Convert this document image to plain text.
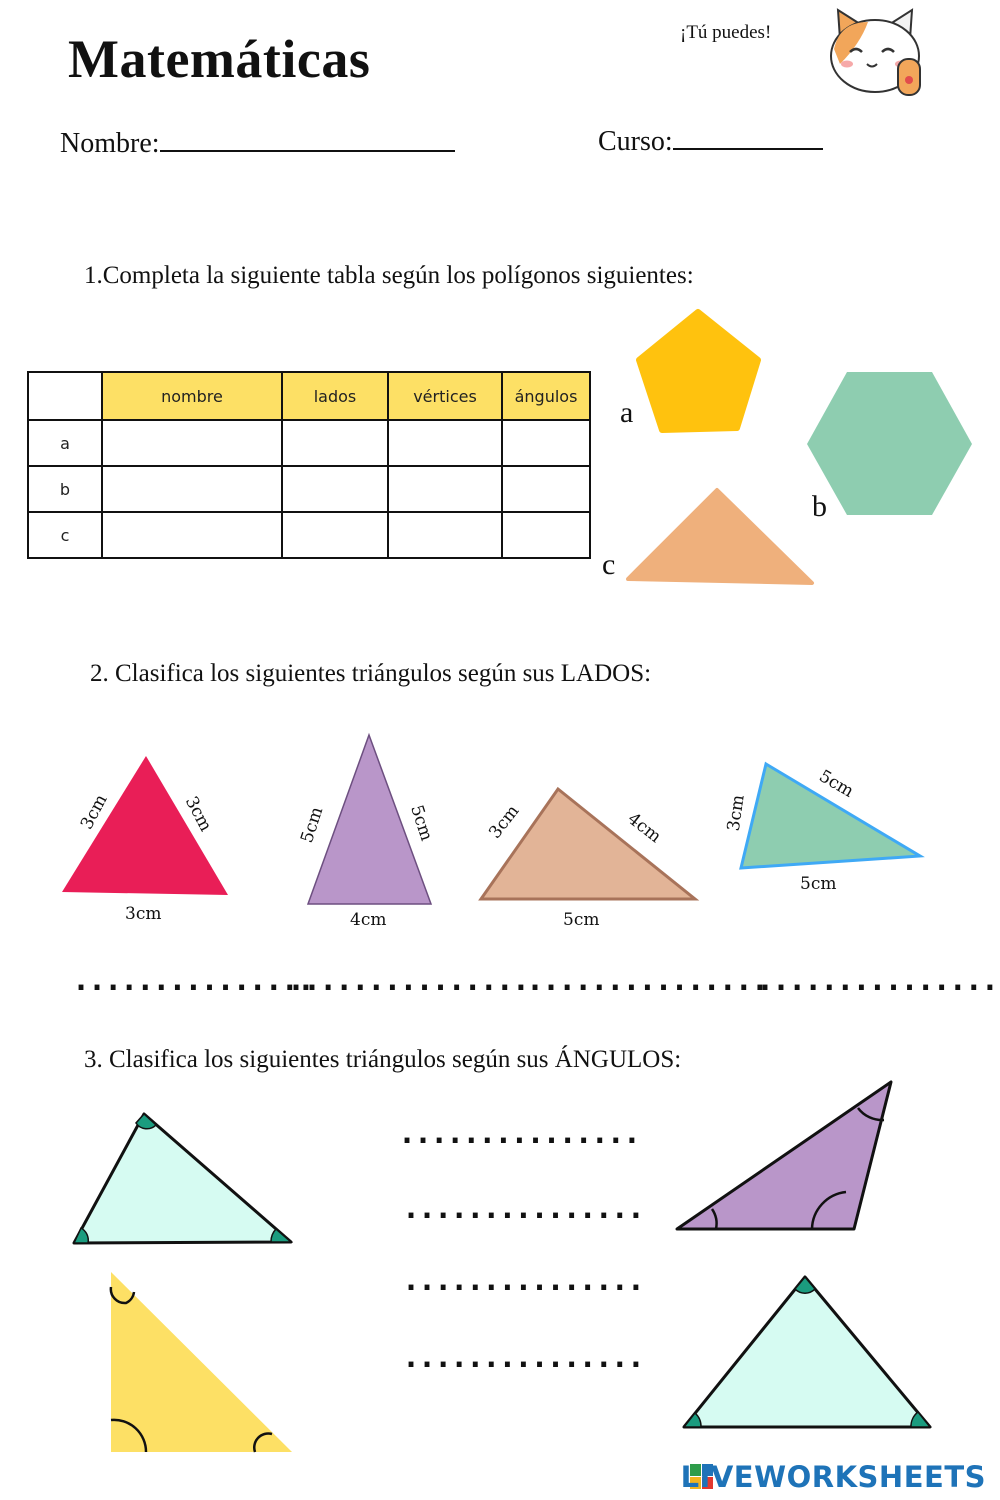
Matemáticas	¡Tú puedes!
Nombre:	Curso:
1.Completa la siguiente tabla según los polígonos siguientes:
	nombre	lados	vértices	ángulos
a				
b				
c				
a
b
c
2. Clasifica los siguientes triángulos según sus LADOS:
3cm	3cm
3cm
5cm	5cm
4cm
3cm	4cm
5cm
3cm
5cm
5cm
...............
...............
...............
...............
3. Clasifica los siguientes triángulos según sus ÁNGULOS:
...............
...............
...............
...............
LIVEWORKSHEETS
